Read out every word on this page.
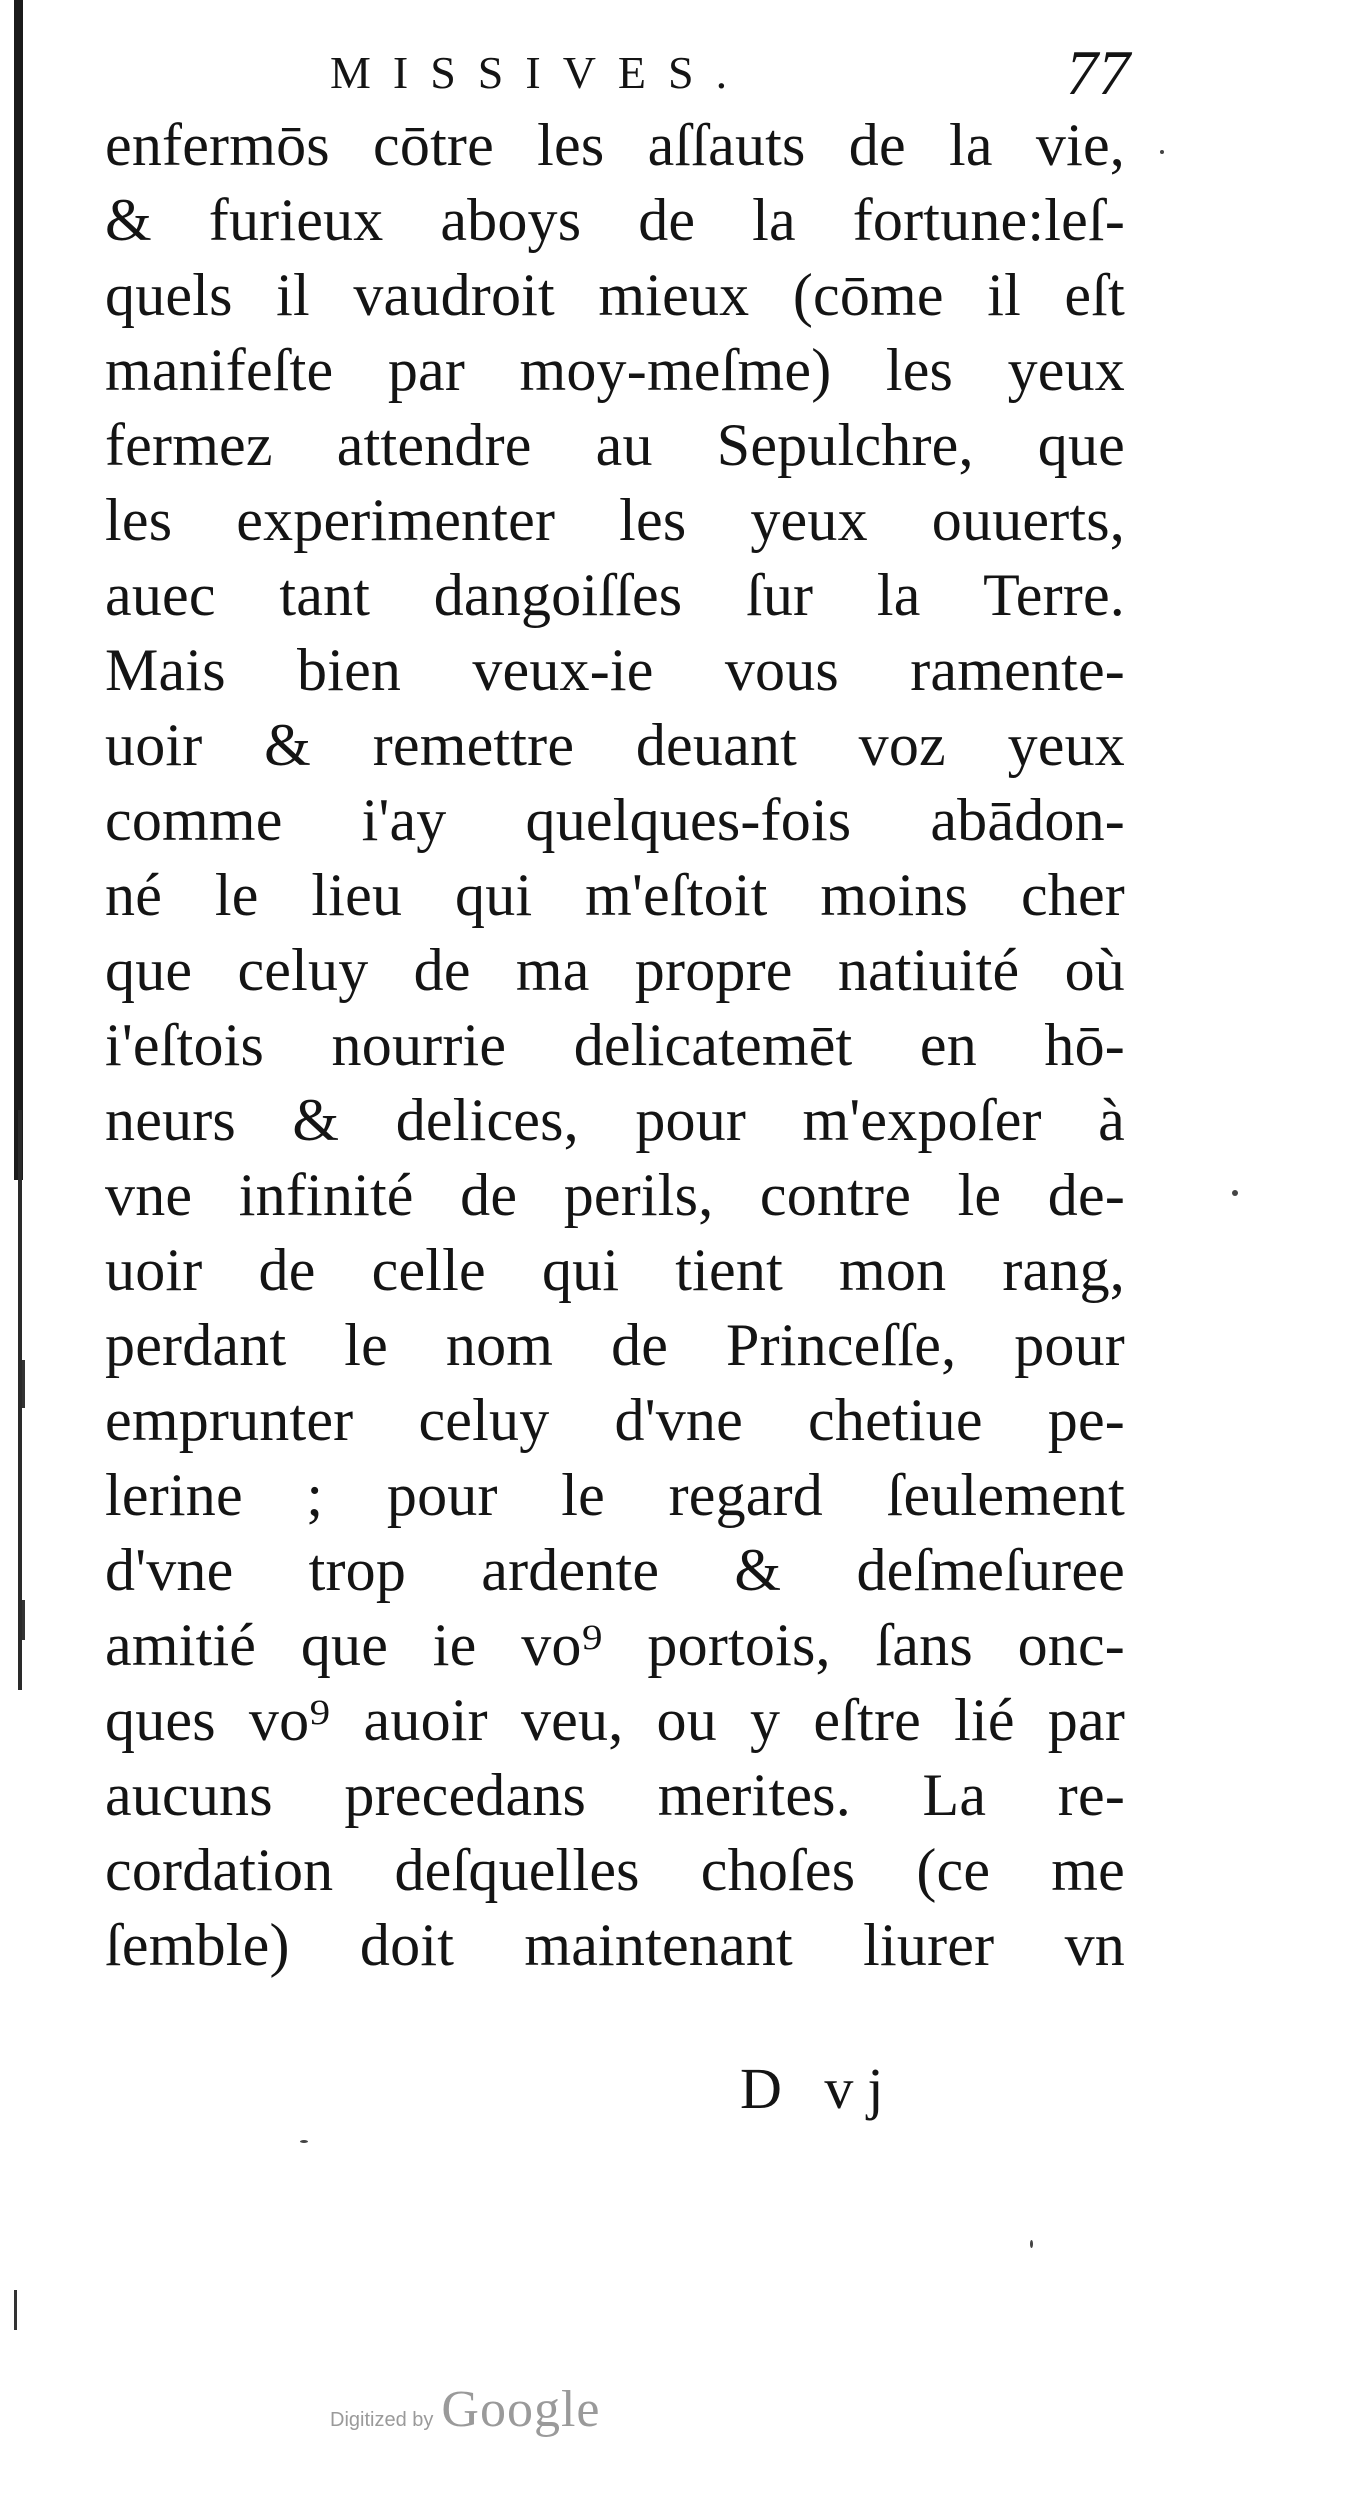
MISSIVES.	77
enfermōs cōtre les aſſauts de la vie,
& furieux aboys de la fortune:leſ-
quels il vaudroit mieux (cōme il eſt
manifeſte par moy-meſme) les yeux
fermez attendre au Sepulchre, que
les experimenter les yeux ouuerts,
auec tant dangoiſſes ſur la Terre.
Mais bien veux-ie vous ramente-
uoir & remettre deuant voz yeux
comme i'ay quelques-fois abādon-
né le lieu qui m'eſtoit moins cher
que celuy de ma propre natiuité où
i'eſtois nourrie delicatemēt en hō-
neurs & delices, pour m'expoſer à
vne infinité de perils, contre le de-
uoir de celle qui tient mon rang,
perdant le nom de Princeſſe, pour
emprunter celuy d'vne chetiue pe-
lerine ; pour le regard ſeulement
d'vne trop ardente & deſmeſuree
amitié que ie vo⁹ portois, ſans onc-
ques vo⁹ auoir veu, ou y eſtre lié par
aucuns precedans merites. La re-
cordation deſquelles choſes (ce me
ſemble) doit maintenant liurer vn
D vj
Digitized by Google
